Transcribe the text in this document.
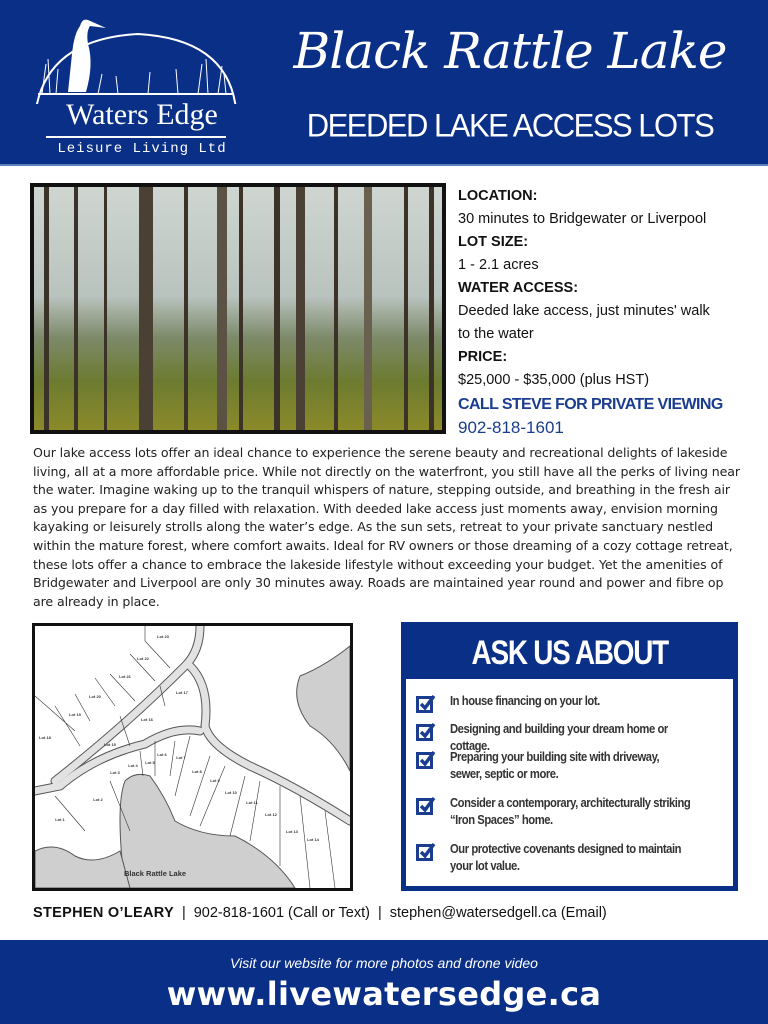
Waters Edge
Leisure Living Ltd
Black Rattle Lake
DEEDED LAKE ACCESS LOTS
LOCATION:
30 minutes to Bridgewater or Liverpool
LOT SIZE:
1 - 2.1 acres
WATER ACCESS:
Deeded lake access, just minutes' walk
to the water
PRICE:
$25,000 - $35,000 (plus HST)
CALL STEVE FOR PRIVATE VIEWING
902-818-1601
Our lake access lots offer an ideal chance to experience the serene beauty and recreational delights of lakeside living, all at a more affordable price. While not directly on the waterfront, you still have all the perks of living near the water. Imagine waking up to the tranquil whispers of nature, stepping outside, and breathing in the fresh air as you prepare for a day filled with relaxation. With deeded lake access just moments away, envision morning kayaking or leisurely strolls along the water’s edge. As the sun sets, retreat to your private sanctuary nestled within the mature forest, where comfort awaits. Ideal for RV owners or those dreaming of a cozy cottage retreat, these lots offer a chance to embrace the lakeside lifestyle without exceeding your budget. Yet the amenities of Bridgewater and Liverpool are only 30 minutes away. Roads are maintained year round and power and fibre op are already in place.
Lot 1
Lot 2
Lot 3
Lot 4
Lot 5
Lot 6
Lot 7
Lot 8
Lot 9
Lot 10
Lot 11
Lot 12
Lot 13
Lot 14
Lot 15
Lot 16
Lot 17
Lot 18
Lot 19
Lot 20
Lot 21
Lot 22
Lot 23
Black Rattle Lake
ASK US ABOUT
In house financing on your lot.
Designing and building your dream home or cottage.
Preparing your building site with driveway, sewer, septic or more.
Consider a contemporary, architecturally striking “Iron Spaces” home.
Our protective covenants designed to maintain your lot value.
STEPHEN O’LEARY | 902-818-1601 (Call or Text) | stephen@watersedgell.ca (Email)
Visit our website for more photos and drone video
www.livewatersedge.ca
